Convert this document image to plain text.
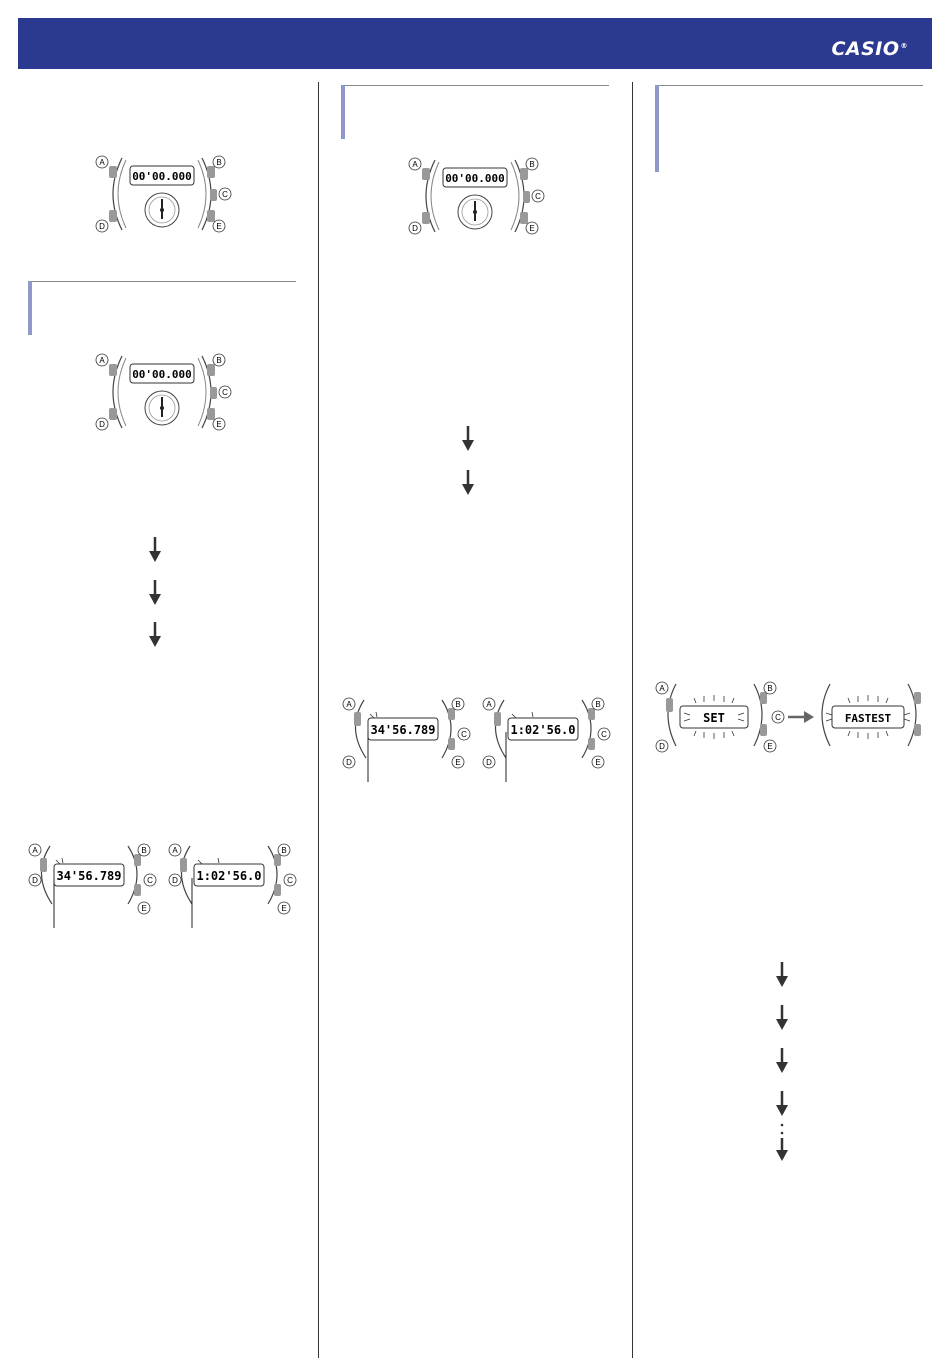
CASIO®
00'00.000
A
D
B
C
E
00'00.000
A
D
B
C
E
00'00.000
A
D
B
C
E
34'56.789
A
D
B
C
E
1:02'56.0
A
D
B
C
E
34'56.789
A
D
B
C
E
1:02'56.0
A
D
B
C
E
SET
A
D
B
C
E
FASTEST
